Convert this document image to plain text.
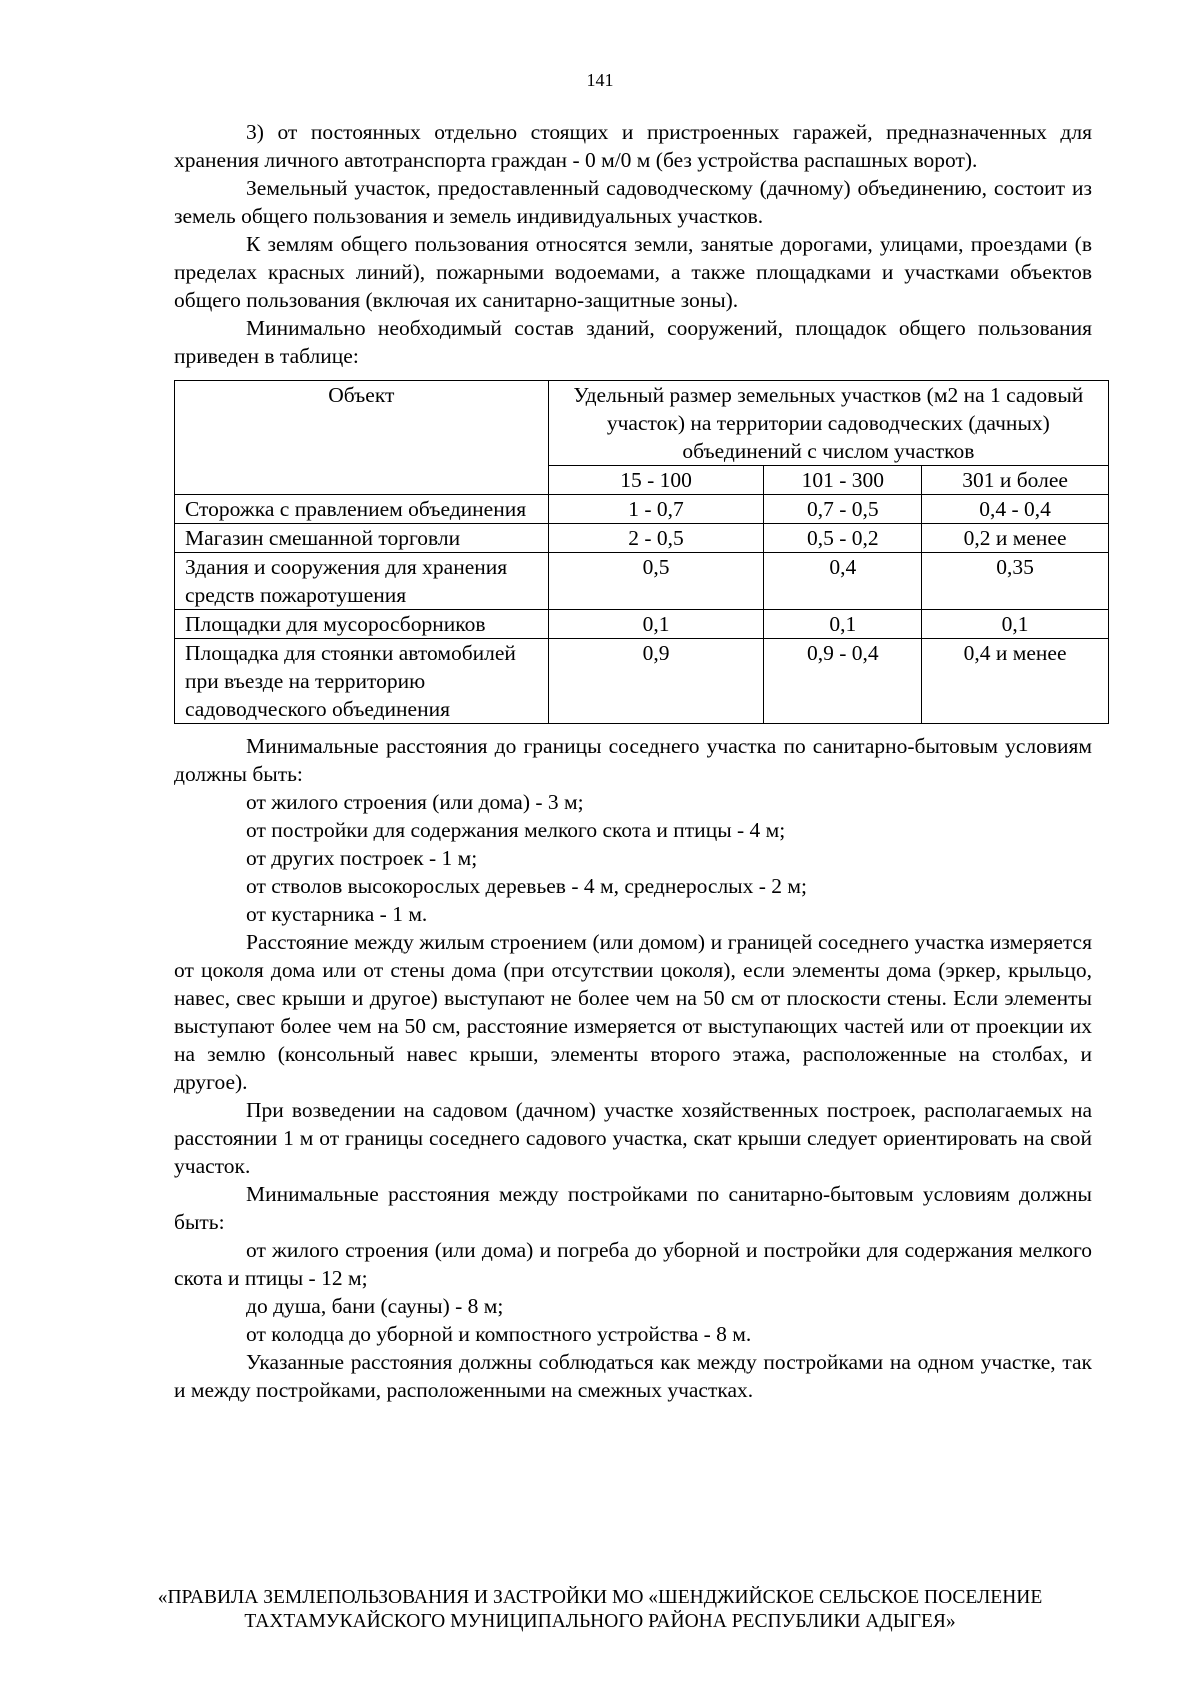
141

3) от постоянных отдельно стоящих и пристроенных гаражей, предназначенных для хранения личного автотранспорта граждан - 0 м/0 м (без устройства распашных ворот).

Земельный участок, предоставленный садоводческому (дачному) объединению, состоит из земель общего пользования и земель индивидуальных участков.

К землям общего пользования относятся земли, занятые дорогами, улицами, проездами (в пределах красных линий), пожарными водоемами, а также площадками и участками объектов общего пользования (включая их санитарно-защитные зоны).

Минимально необходимый состав зданий, сооружений, площадок общего пользования приведен в таблице:

Объект	Удельный размер земельных участков (м2 на 1 садовый участок) на территории садоводческих (дачных) объединений с числом участков		
	15 - 100	101 - 300	301 и более
Сторожка с правлением объединения	1 - 0,7	0,7 - 0,5	0,4 - 0,4
Магазин смешанной торговли	2 - 0,5	0,5 - 0,2	0,2 и менее
Здания и сооружения для хранения средств пожаротушения	0,5	0,4	0,35
Площадки для мусоросборников	0,1	0,1	0,1
Площадка для стоянки автомобилей при въезде на территорию садоводческого объединения	0,9	0,9 - 0,4	0,4 и менее

Минимальные расстояния до границы соседнего участка по санитарно-бытовым условиям должны быть:

от жилого строения (или дома) - 3 м;

от постройки для содержания мелкого скота и птицы - 4 м;

от других построек - 1 м;

от стволов высокорослых деревьев - 4 м, среднерослых - 2 м;

от кустарника - 1 м.

Расстояние между жилым строением (или домом) и границей соседнего участка измеряется от цоколя дома или от стены дома (при отсутствии цоколя), если элементы дома (эркер, крыльцо, навес, свес крыши и другое) выступают не более чем на 50 см от плоскости стены. Если элементы выступают более чем на 50 см, расстояние измеряется от выступающих частей или от проекции их на землю (консольный навес крыши, элементы второго этажа, расположенные на столбах, и другое).

При возведении на садовом (дачном) участке хозяйственных построек, располагаемых на расстоянии 1 м от границы соседнего садового участка, скат крыши следует ориентировать на свой участок.

Минимальные расстояния между постройками по санитарно-бытовым условиям должны быть:

от жилого строения (или дома) и погреба до уборной и постройки для содержания мелкого скота и птицы - 12 м;

до душа, бани (сауны) - 8 м;

от колодца до уборной и компостного устройства - 8 м.

Указанные расстояния должны соблюдаться как между постройками на одном участке, так и между постройками, расположенными на смежных участках.

«ПРАВИЛА ЗЕМЛЕПОЛЬЗОВАНИЯ И ЗАСТРОЙКИ МО «ШЕНДЖИЙСКОЕ СЕЛЬСКОЕ ПОСЕЛЕНИЕ
ТАХТАМУКАЙСКОГО МУНИЦИПАЛЬНОГО РАЙОНА РЕСПУБЛИКИ АДЫГЕЯ»
